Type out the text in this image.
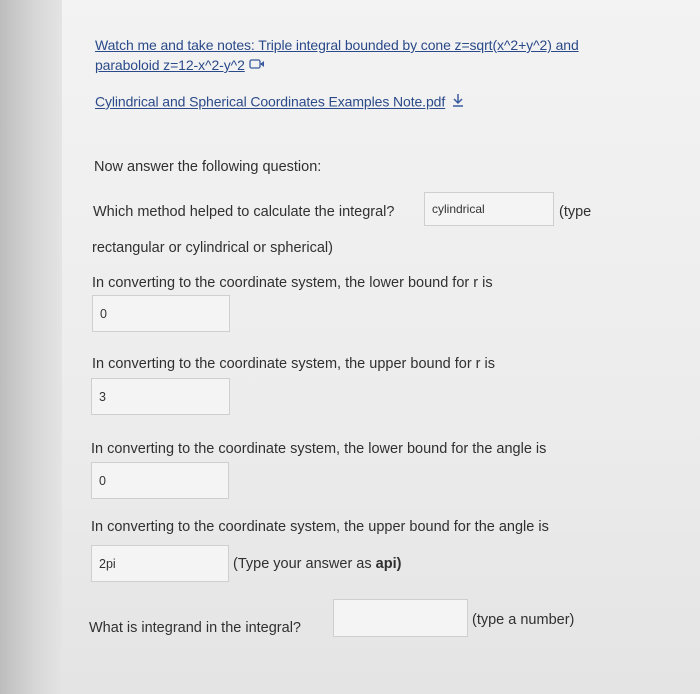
Watch me and take notes: Triple integral bounded by cone z=sqrt(x^2+y^2) and
paraboloid z=12-x^2-y^2
Cylindrical and Spherical Coordinates Examples Note.pdf
Now answer the following question:
Which method helped to calculate the integral?	cylindrical	(type
rectangular or cylindrical or spherical)
In converting to the coordinate system, the lower bound for r is
0
In converting to the coordinate system, the upper bound for r is
3
In converting to the coordinate system, the lower bound for the angle is
0
In converting to the coordinate system, the upper bound for the angle is
2pi	(Type your answer as api)
What is integrand in the integral?	(type a number)
